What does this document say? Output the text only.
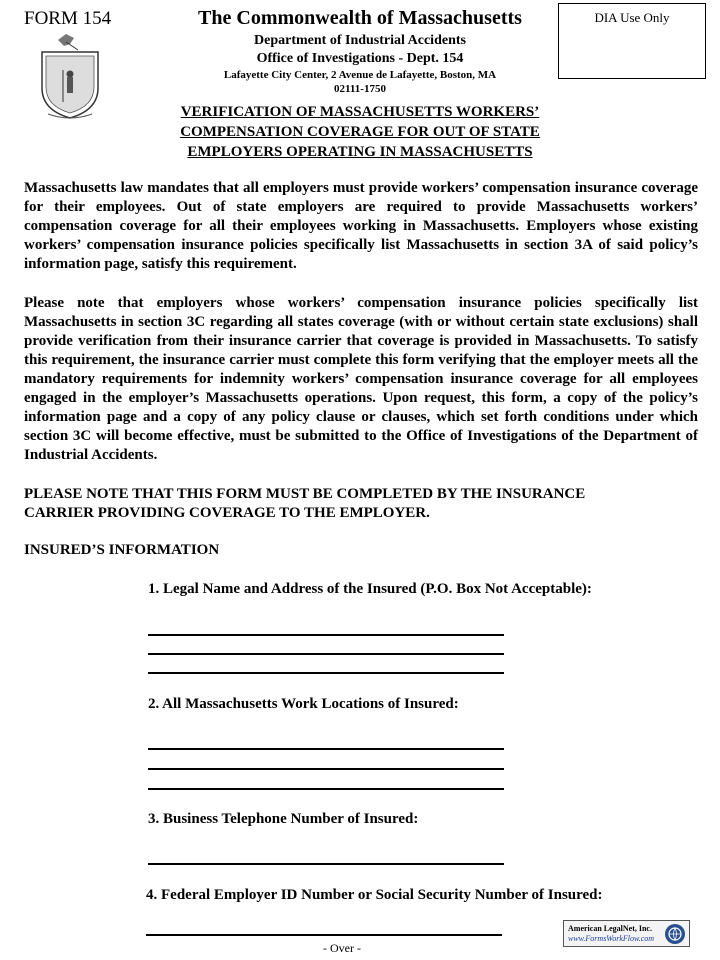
FORM 154	The Commonwealth of Massachusetts
Department of Industrial Accidents
Office of Investigations - Dept. 154
Lafayette City Center, 2 Avenue de Lafayette, Boston, MA
02111-1750
DIA Use Only
VERIFICATION OF MASSACHUSETTS WORKERS’
COMPENSATION COVERAGE FOR OUT OF STATE
EMPLOYERS OPERATING IN MASSACHUSETTS
Massachusetts law mandates that all employers must provide workers’ compensation insurance coverage for their employees. Out of state employers are required to provide Massachusetts workers’ compensation coverage for all their employees working in Massachusetts. Employers whose existing workers’ compensation insurance policies specifically list Massachusetts in section 3A of said policy’s information page, satisfy this requirement.
Please note that employers whose workers’ compensation insurance policies specifically list Massachusetts in section 3C regarding all states coverage (with or without certain state exclusions) shall provide verification from their insurance carrier that coverage is provided in Massachusetts. To satisfy this requirement, the insurance carrier must complete this form verifying that the employer meets all the mandatory requirements for indemnity workers’ compensation insurance coverage for all employees engaged in the employer’s Massachusetts operations. Upon request, this form, a copy of the policy’s information page and a copy of any policy clause or clauses, which set forth conditions under which section 3C will become effective, must be submitted to the Office of Investigations of the Department of Industrial Accidents.
PLEASE NOTE THAT THIS FORM MUST BE COMPLETED BY THE INSURANCE
CARRIER PROVIDING COVERAGE TO THE EMPLOYER.
INSURED’S INFORMATION
1. Legal Name and Address of the Insured (P.O. Box Not Acceptable):
2. All Massachusetts Work Locations of Insured:
3. Business Telephone Number of Insured:
4. Federal Employer ID Number or Social Security Number of Insured:
- Over -
American LegalNet, Inc.
www.FormsWorkFlow.com
